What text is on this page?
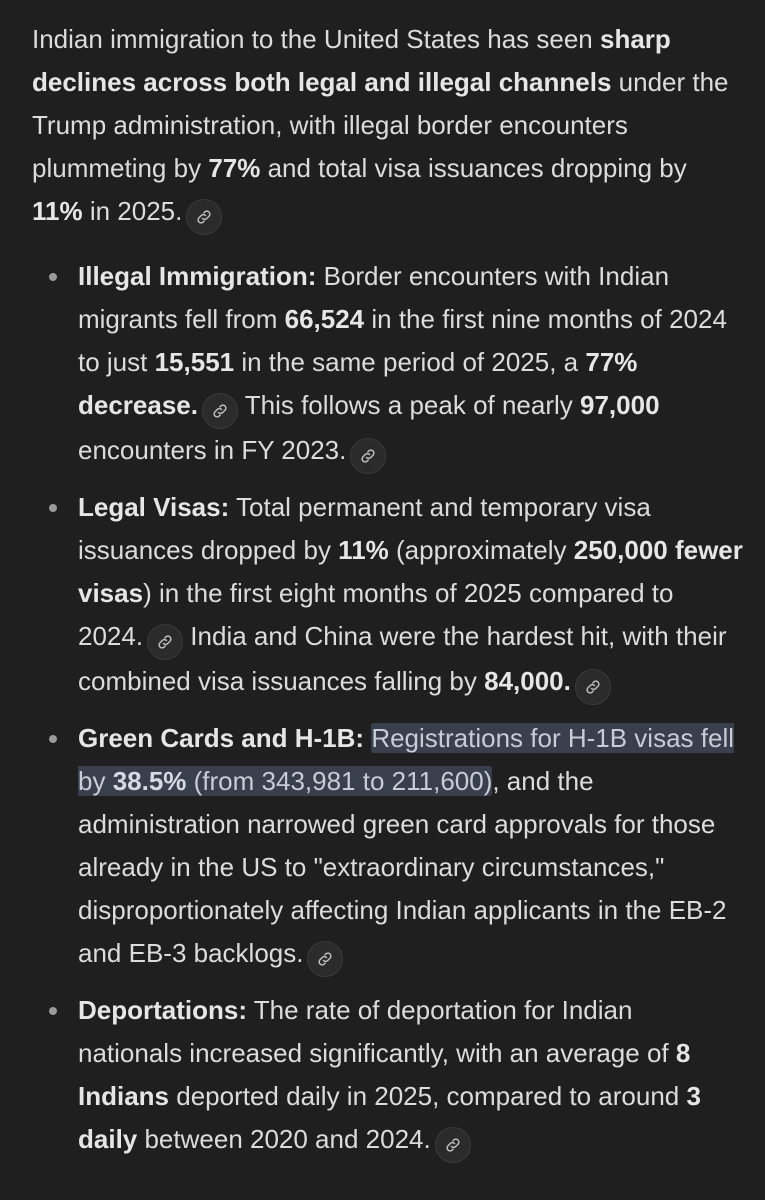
Indian immigration to the United States has seen sharp declines across both legal and illegal channels under the Trump administration, with illegal border encounters plummeting by 77% and total visa issuances dropping by 11% in 2025.

Illegal Immigration: Border encounters with Indian migrants fell from 66,524 in the first nine months of 2024 to just 15,551 in the same period of 2025, a 77% decrease.
This follows a peak of nearly 97,000 encounters in FY 2023.
Legal Visas: Total permanent and temporary visa issuances dropped by 11% (approximately 250,000 fewer visas) in the first eight months of 2025 compared to 2024.
India and China were the hardest hit, with their combined visa issuances falling by 84,000.
Green Cards and H-1B: Registrations for H-1B visas fell by 38.5% (from 343,981 to 211,600), and the administration narrowed green card approvals for those already in the US to "extraordinary circumstances," disproportionately affecting Indian applicants in the EB-2 and EB-3 backlogs.
Deportations: The rate of deportation for Indian nationals increased significantly, with an average of 8 Indians deported daily in 2025, compared to around 3 daily between 2020 and 2024.
